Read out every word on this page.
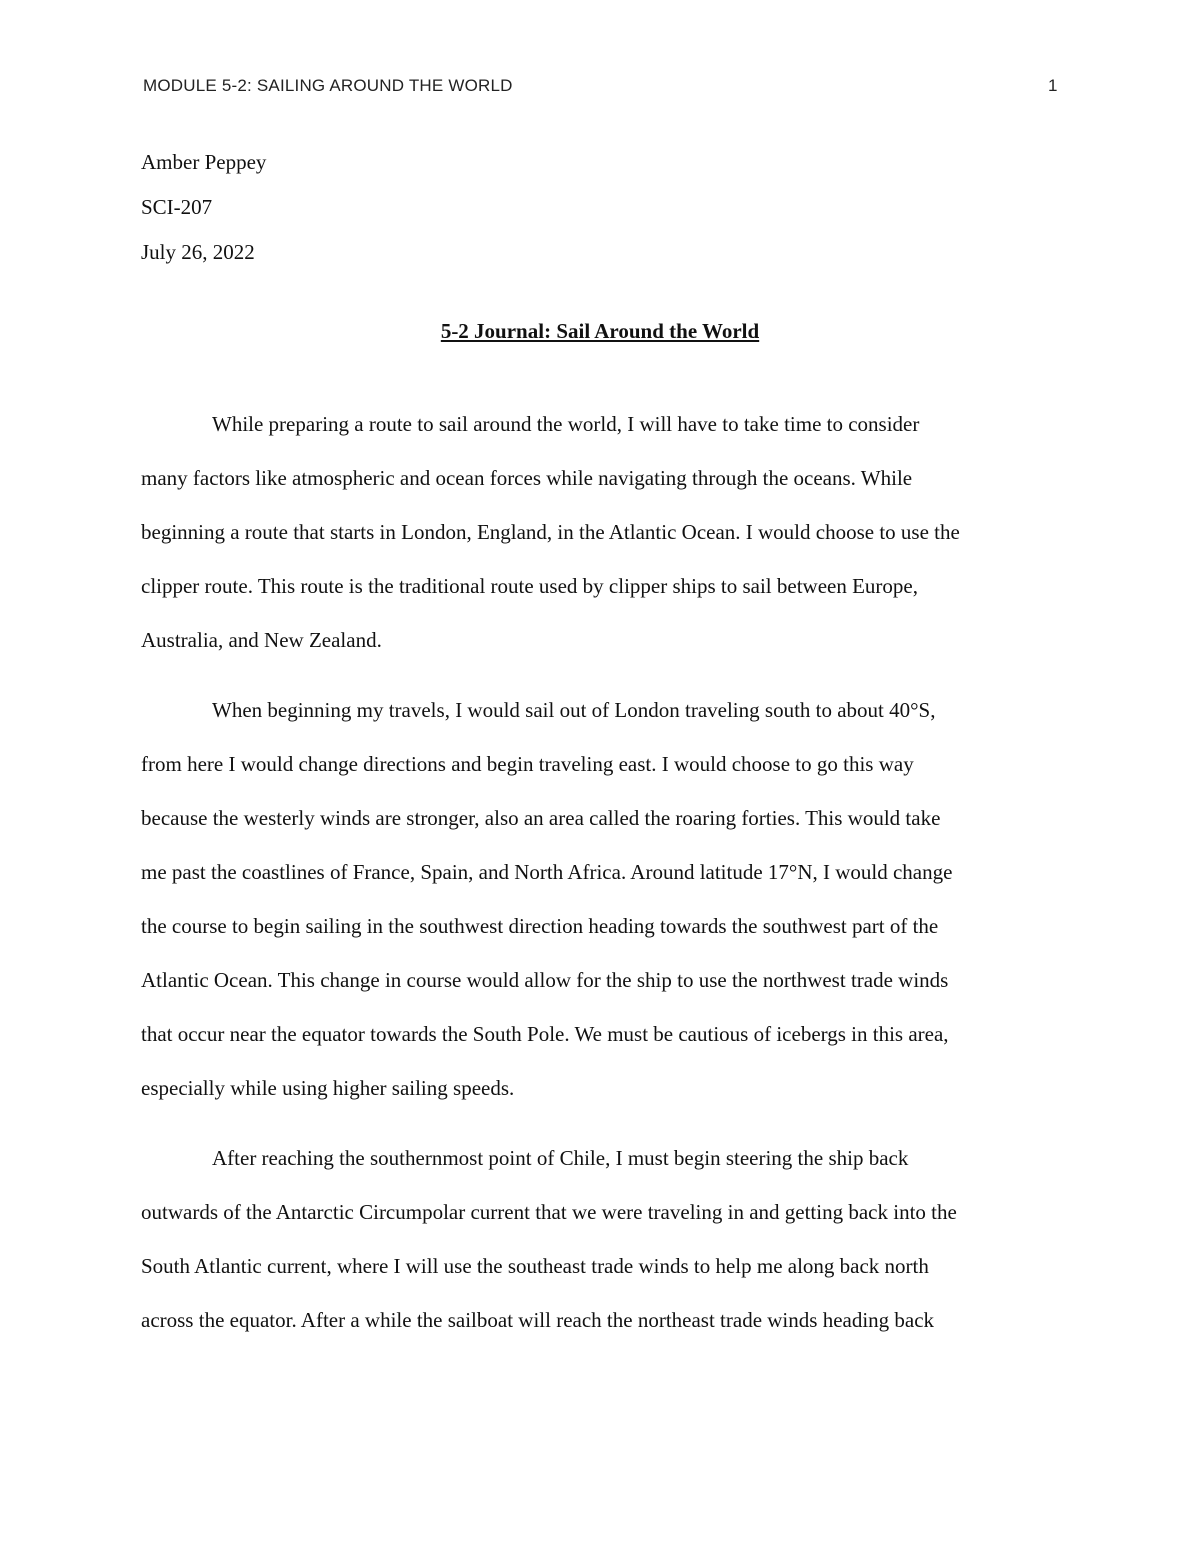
MODULE 5-2: SAILING AROUND THE WORLD	1
Amber Peppey
SCI-207
July 26, 2022
5-2 Journal: Sail Around the World
While preparing a route to sail around the world, I will have to take time to consider
many factors like atmospheric and ocean forces while navigating through the oceans. While
beginning a route that starts in London, England, in the Atlantic Ocean. I would choose to use the
clipper route. This route is the traditional route used by clipper ships to sail between Europe,
Australia, and New Zealand.
When beginning my travels, I would sail out of London traveling south to about 40°S,
from here I would change directions and begin traveling east. I would choose to go this way
because the westerly winds are stronger, also an area called the roaring forties. This would take
me past the coastlines of France, Spain, and North Africa. Around latitude 17°N, I would change
the course to begin sailing in the southwest direction heading towards the southwest part of the
Atlantic Ocean. This change in course would allow for the ship to use the northwest trade winds
that occur near the equator towards the South Pole. We must be cautious of icebergs in this area,
especially while using higher sailing speeds.
After reaching the southernmost point of Chile, I must begin steering the ship back
outwards of the Antarctic Circumpolar current that we were traveling in and getting back into the
South Atlantic current, where I will use the southeast trade winds to help me along back north
across the equator. After a while the sailboat will reach the northeast trade winds heading back
